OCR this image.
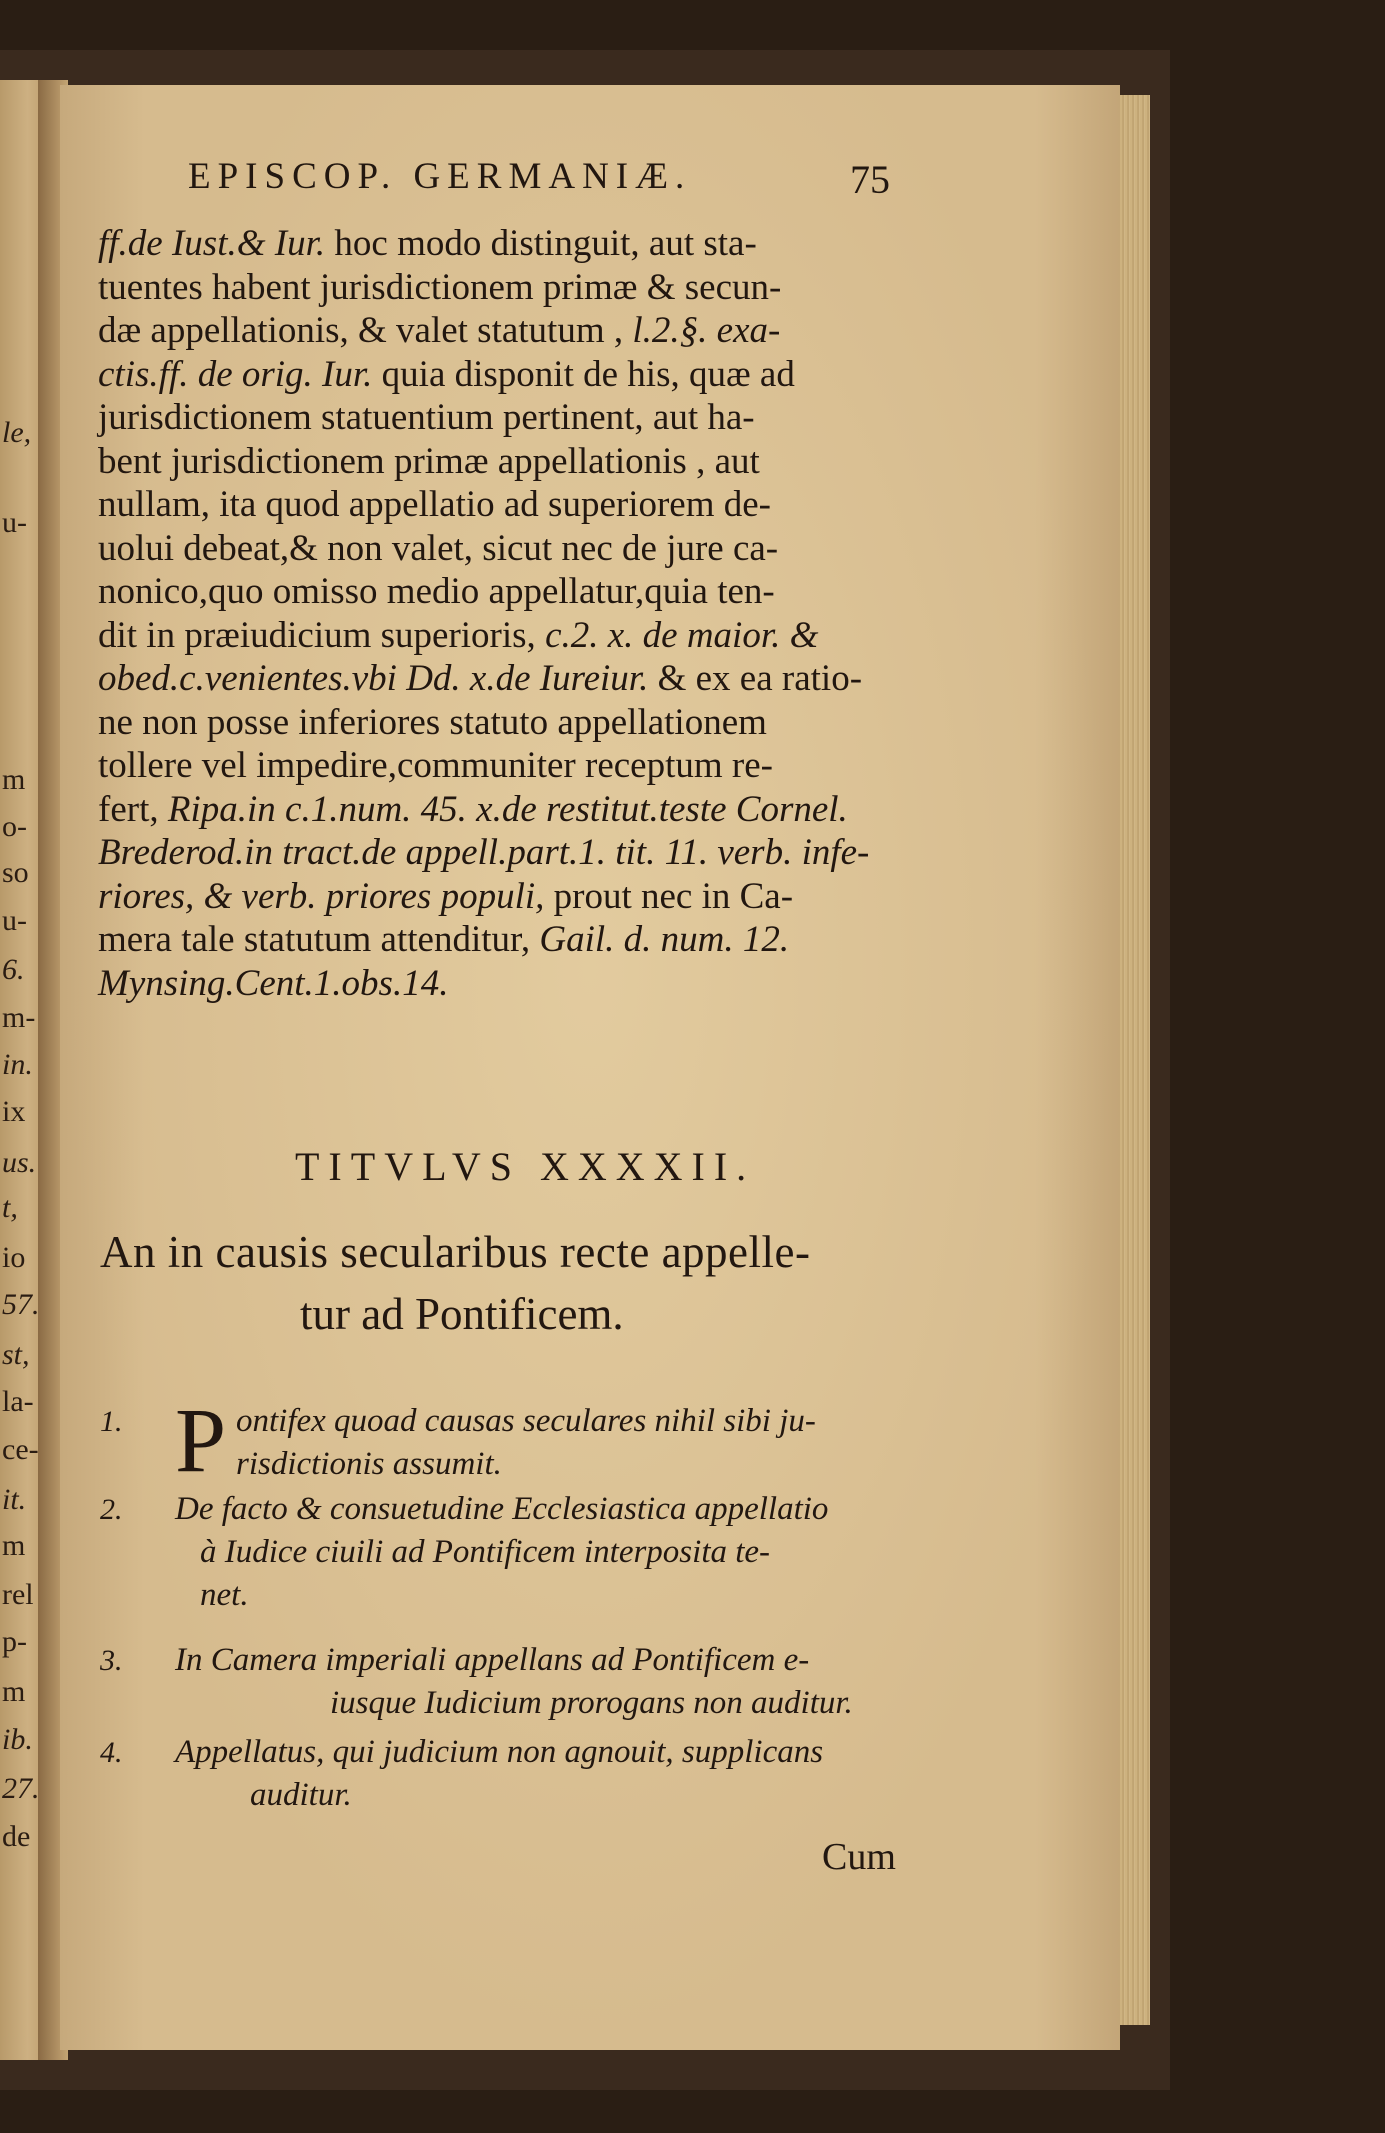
le,
u-
m
o-
so
u-
6.
m-
in.
ix
us.
t,
io
57.
st,
la-
ce-
it.
m
rel
p-
m
ib.
27.
de
EPISCOP. GERMANIÆ.	75
ff.de Iust.& Iur. hoc modo distinguit, aut sta-
tuentes habent jurisdictionem primæ & secun-
dæ appellationis, & valet statutum , l.2.§. exa-
ctis.ff. de orig. Iur. quia disponit de his, quæ ad
jurisdictionem statuentium pertinent, aut ha-
bent jurisdictionem primæ appellationis , aut
nullam, ita quod appellatio ad superiorem de-
uolui debeat,& non valet, sicut nec de jure ca-
nonico,quo omisso medio appellatur,quia ten-
dit in præiudicium superioris, c.2. x. de maior. &
obed.c.venientes.vbi Dd. x.de Iureiur. & ex ea ratio-
ne non posse inferiores statuto appellationem
tollere vel impedire,communiter receptum re-
fert, Ripa.in c.1.num. 45. x.de restitut.teste Cornel.
Brederod.in tract.de appell.part.1. tit. 11. verb. infe-
riores, & verb. priores populi, prout nec in Ca-
mera tale statutum attenditur, Gail. d. num. 12.
Mynsing.Cent.1.obs.14.
TITVLVS XXXXII.
An in causis secularibus recte appelle-
tur ad Pontificem.
1. P ontifex quoad causas seculares nihil sibi ju-
risdictionis assumit.
2. De facto & consuetudine Ecclesiastica appellatio
à Iudice ciuili ad Pontificem interposita te-
net.
3. In Camera imperiali appellans ad Pontificem e-
iusque Iudicium prorogans non auditur.
4. Appellatus, qui judicium non agnouit, supplicans
auditur.
Cum
